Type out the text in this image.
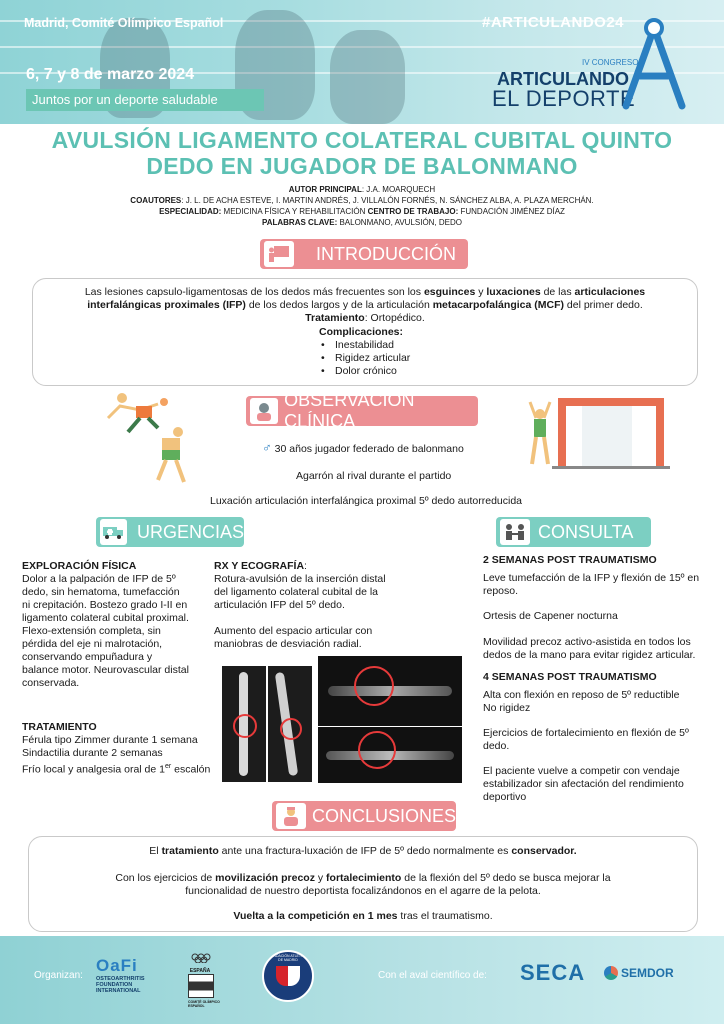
Madrid, Comité Olímpico Español	#ARTICULANDO24
6, 7 y 8 de marzo 2024
Juntos por un deporte saludable
IV CONGRESO
ARTICULANDO
EL DEPORTE
AVULSIÓN LIGAMENTO COLATERAL CUBITAL QUINTO
DEDO EN JUGADOR DE BALONMANO
AUTOR PRINCIPAL: J.A. MOARQUECH
COAUTORES: J. L. DE ACHA ESTEVE, I. MARTIN ANDRÉS, J. VILLALÓN FORNÉS, N. SÁNCHEZ ALBA, A. PLAZA MERCHÁN.
ESPECIALIDAD: MEDICINA FÍSICA Y REHABILITACIÓN CENTRO DE TRABAJO: FUNDACIÓN JIMÉNEZ DÍAZ
PALABRAS CLAVE: BALONMANO, AVULSIÓN, DEDO
INTRODUCCIÓN
Las lesiones capsulo-ligamentosas de los dedos más frecuentes son los esguinces y luxaciones de las articulaciones interfalángicas proximales (IFP) de los dedos largos y de la articulación metacarpofalángica (MCF) del primer dedo.
Tratamiento: Ortopédico.
Complicaciones:
• Inestabilidad
• Rigidez articular
• Dolor crónico
OBSERVACIÓN CLÍNICA
♂ 30 años jugador federado de balonmano
Agarrón al rival durante el partido
Luxación articulación interfalángica proximal 5º dedo autorreducida
URGENCIAS
EXPLORACIÓN FÍSICA
Dolor a la palpación de IFP de 5º dedo, sin hematoma, tumefacción ni crepitación. Bostezo grado I-II en ligamento colateral cubital proximal. Flexo-extensión completa, sin pérdida del eje ni malrotación, conservando empuñadura y balance motor. Neurovascular distal conservada.
TRATAMIENTO
Férula tipo Zimmer durante 1 semana
Sindactilia durante 2 semanas
Frío local y analgesia oral de 1er escalón
RX Y ECOGRAFÍA:
Rotura-avulsión de la inserción distal del ligamento colateral cubital de la articulación IFP del 5º dedo.
Aumento del espacio articular con maniobras de desviación radial.
CONSULTA
2 SEMANAS POST TRAUMATISMO
Leve tumefacción de la IFP y flexión de 15º en reposo.
Ortesis de Capener nocturna
Movilidad precoz activo-asistida en todos los dedos de la mano para evitar rigidez articular.
4 SEMANAS POST TRAUMATISMO
Alta con flexión en reposo de 5º reductible
No rigidez
Ejercicios de fortalecimiento en flexión de 5º dedo.
El paciente vuelve a competir con vendaje estabilizador sin afectación del rendimiento deportivo
CONCLUSIONES
El tratamiento ante una fractura-luxación de IFP de 5º dedo normalmente es conservador.
Con los ejercicios de movilización precoz y fortalecimiento de la flexión del 5º dedo se busca mejorar la funcionalidad de nuestro deportista focalizándonos en el agarre de la pelota.
Vuelta a la competición en 1 mes tras el traumatismo.
Organizan:
OaFi
OSTEOARTHRITIS
FOUNDATION
INTERNATIONAL
ESPAÑA
COMITÉ OLÍMPICO ESPAÑOL
FUNDACIÓN ATLÉTICO DE MADRID
Con el aval científico de: SECA	SEMDOR
